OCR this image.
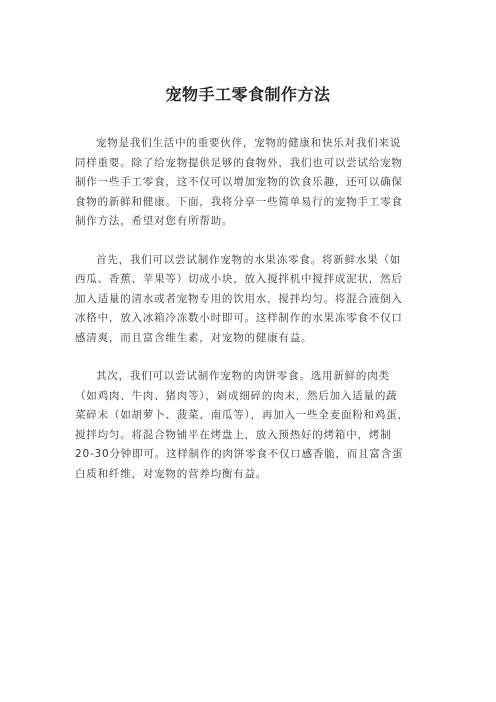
宠物手工零食制作方法
宠物是我们生活中的重要伙伴，宠物的健康和快乐对我们来说
同样重要。除了给宠物提供足够的食物外，我们也可以尝试给宠物
制作一些手工零食，这不仅可以增加宠物的饮食乐趣，还可以确保
食物的新鲜和健康。下面，我将分享一些简单易行的宠物手工零食
制作方法，希望对您有所帮助。
首先，我们可以尝试制作宠物的水果冻零食。将新鲜水果（如
西瓜、香蕉、苹果等）切成小块，放入搅拌机中搅拌成泥状，然后
加入适量的清水或者宠物专用的饮用水，搅拌均匀。将混合液倒入
冰格中，放入冰箱冷冻数小时即可。这样制作的水果冻零食不仅口
感清爽，而且富含维生素，对宠物的健康有益。
其次，我们可以尝试制作宠物的肉饼零食。选用新鲜的肉类
（如鸡肉、牛肉、猪肉等），剁成细碎的肉末，然后加入适量的蔬
菜碎末（如胡萝卜、菠菜、南瓜等），再加入一些全麦面粉和鸡蛋，
搅拌均匀。将混合物铺平在烤盘上，放入预热好的烤箱中，烤制
20-30分钟即可。这样制作的肉饼零食不仅口感香脆，而且富含蛋
白质和纤维，对宠物的营养均衡有益。
